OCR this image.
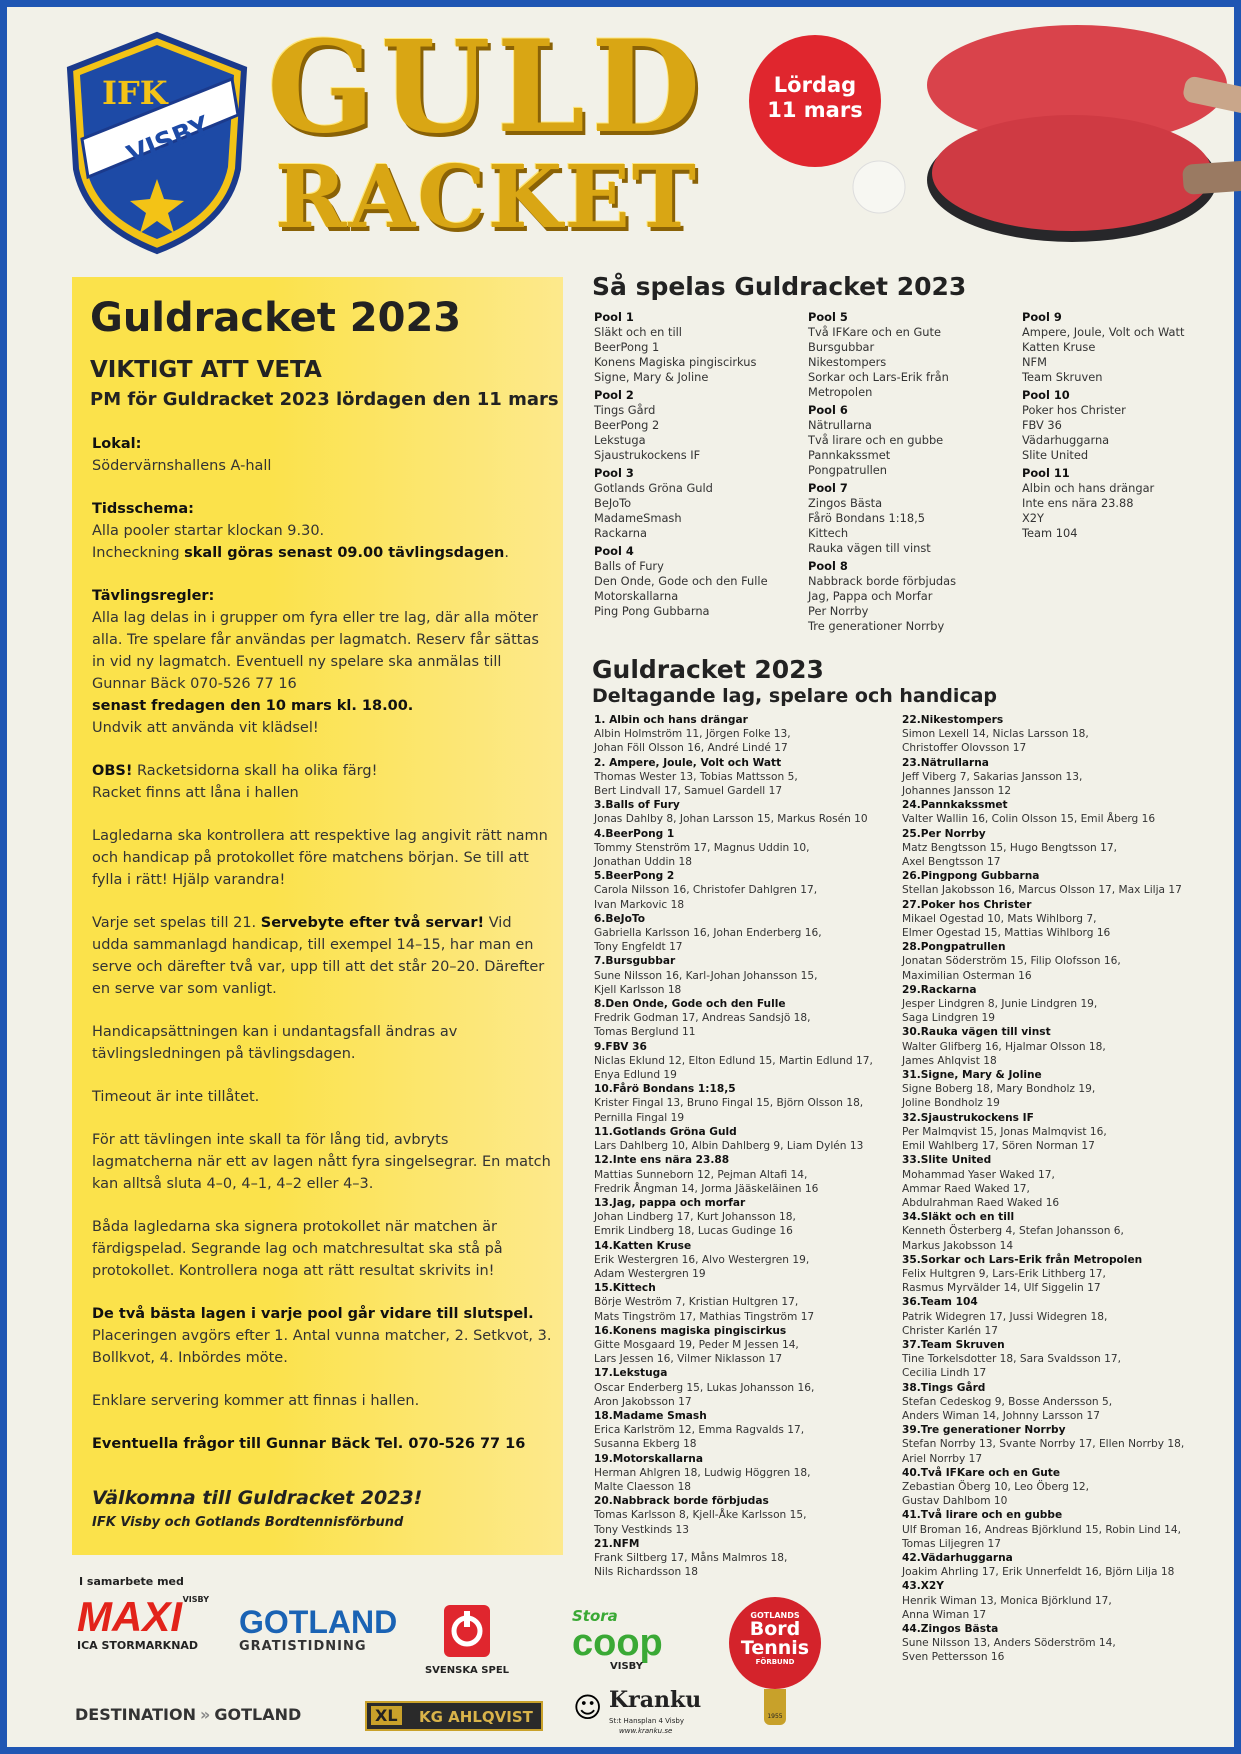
IFK
VISBY GULD
RACKET
Lördag
11 mars
Guldracket 2023
VIKTIGT ATT VETA
PM för Guldracket 2023 lördagen den 11 mars

Lokal:
Södervärnshallens A-hall

Tidsschema:
Alla pooler startar klockan 9.30.
Incheckning skall göras senast 09.00 tävlingsdagen.

Tävlingsregler:
Alla lag delas in i grupper om fyra eller tre lag, där alla möter alla. Tre spelare får användas per lagmatch. Reserv får sättas in vid ny lagmatch. Eventuell ny spelare ska anmälas till Gunnar Bäck 070-526 77 16
senast fredagen den 10 mars kl. 18.00.
Undvik att använda vit klädsel!

OBS! Racketsidorna skall ha olika färg!
Racket finns att låna i hallen

Lagledarna ska kontrollera att respektive lag angivit rätt namn och handicap på protokollet före matchens början. Se till att fylla i rätt! Hjälp varandra!

Varje set spelas till 21. Servebyte efter två servar! Vid udda sammanlagd handicap, till exempel 14–15, har man en serve och därefter två var, upp till att det står 20–20. Därefter en serve var som vanligt.

Handicapsättningen kan i undantagsfall ändras av tävlingsledningen på tävlingsdagen.

Timeout är inte tillåtet.

För att tävlingen inte skall ta för lång tid, avbryts lagmatcherna när ett av lagen nått fyra singelsegrar. En match kan alltså sluta 4–0, 4–1, 4–2 eller 4–3.

Båda lagledarna ska signera protokollet när matchen är färdigspelad. Segrande lag och matchresultat ska stå på protokollet. Kontrollera noga att rätt resultat skrivits in!

De två bästa lagen i varje pool går vidare till slutspel.
Placeringen avgörs efter 1. Antal vunna matcher, 2. Setkvot, 3. Bollkvot, 4. Inbördes möte.

Enklare servering kommer att finnas i hallen.

Eventuella frågor till Gunnar Bäck Tel. 070-526 77 16

Välkomna till Guldracket 2023!
IFK Visby och Gotlands Bordtennisförbund
Så spelas Guldracket 2023
Pool 1
Släkt och en till
BeerPong 1
Konens Magiska pingiscirkus
Signe, Mary & Joline
Pool 2
Tings Gård
BeerPong 2
Lekstuga
Sjaustrukockens IF
Pool 3
Gotlands Gröna Guld
BeJoTo
MadameSmash
Rackarna
Pool 4
Balls of Fury
Den Onde, Gode och den Fulle
Motorskallarna
Ping Pong Gubbarna
Pool 5
Två IFKare och en Gute
Bursgubbar
Nikestompers
Sorkar och Lars-Erik från
Metropolen
Pool 6
Nätrullarna
Två lirare och en gubbe
Pannkakssmet
Pongpatrullen
Pool 7
Zingos Bästa
Fårö Bondans 1:18,5
Kittech
Rauka vägen till vinst
Pool 8
Nabbrack borde förbjudas
Jag, Pappa och Morfar
Per Norrby
Tre generationer Norrby
Pool 9
Ampere, Joule, Volt och Watt
Katten Kruse
NFM
Team Skruven
Pool 10
Poker hos Christer
FBV 36
Vädarhuggarna
Slite United
Pool 11
Albin och hans drängar
Inte ens nära 23.88
X2Y
Team 104
Guldracket 2023
Deltagande lag, spelare och handicap
1. Albin och hans drängar
Albin Holmström 11, Jörgen Folke 13,
Johan Föll Olsson 16, André Lindé 17
2. Ampere, Joule, Volt och Watt
Thomas Wester 13, Tobias Mattsson 5,
Bert Lindvall 17, Samuel Gardell 17
3.Balls of Fury
Jonas Dahlby 8, Johan Larsson 15, Markus Rosén 10
4.BeerPong 1
Tommy Stenström 17, Magnus Uddin 10,
Jonathan Uddin 18
5.BeerPong 2
Carola Nilsson 16, Christofer Dahlgren 17,
Ivan Markovic 18
6.BeJoTo
Gabriella Karlsson 16, Johan Enderberg 16,
Tony Engfeldt 17
7.Bursgubbar
Sune Nilsson 16, Karl-Johan Johansson 15,
Kjell Karlsson 18
8.Den Onde, Gode och den Fulle
Fredrik Godman 17, Andreas Sandsjö 18,
Tomas Berglund 11
9.FBV 36
Niclas Eklund 12, Elton Edlund 15, Martin Edlund 17,
Enya Edlund 19
10.Fårö Bondans 1:18,5
Krister Fingal 13, Bruno Fingal 15, Björn Olsson 18,
Pernilla Fingal 19
11.Gotlands Gröna Guld
Lars Dahlberg 10, Albin Dahlberg 9, Liam Dylén 13
12.Inte ens nära 23.88
Mattias Sunneborn 12, Pejman Altafi 14,
Fredrik Ångman 14, Jorma Jääskeläinen 16
13.Jag, pappa och morfar
Johan Lindberg 17, Kurt Johansson 18,
Emrik Lindberg 18, Lucas Gudinge 16
14.Katten Kruse
Erik Westergren 16, Alvo Westergren 19,
Adam Westergren 19
15.Kittech
Börje Weström 7, Kristian Hultgren 17,
Mats Tingström 17, Mathias Tingström 17
16.Konens magiska pingiscirkus
Gitte Mosgaard 19, Peder M Jessen 14,
Lars Jessen 16, Vilmer Niklasson 17
17.Lekstuga
Oscar Enderberg 15, Lukas Johansson 16,
Aron Jakobsson 17
18.Madame Smash
Erica Karlström 12, Emma Ragvalds 17,
Susanna Ekberg 18
19.Motorskallarna
Herman Ahlgren 18, Ludwig Höggren 18,
Malte Claesson 18
20.Nabbrack borde förbjudas
Tomas Karlsson 8, Kjell-Åke Karlsson 15,
Tony Vestkinds 13
21.NFM
Frank Siltberg 17, Måns Malmros 18,
Nils Richardsson 18
22.Nikestompers
Simon Lexell 14, Niclas Larsson 18,
Christoffer Olovsson 17
23.Nätrullarna
Jeff Viberg 7, Sakarias Jansson 13,
Johannes Jansson 12
24.Pannkakssmet
Valter Wallin 16, Colin Olsson 15, Emil Åberg 16
25.Per Norrby
Matz Bengtsson 15, Hugo Bengtsson 17,
Axel Bengtsson 17
26.Pingpong Gubbarna
Stellan Jakobsson 16, Marcus Olsson 17, Max Lilja 17
27.Poker hos Christer
Mikael Ogestad 10, Mats Wihlborg 7,
Elmer Ogestad 15, Mattias Wihlborg 16
28.Pongpatrullen
Jonatan Söderström 15, Filip Olofsson 16,
Maximilian Osterman 16
29.Rackarna
Jesper Lindgren 8, Junie Lindgren 19,
Saga Lindgren 19
30.Rauka vägen till vinst
Walter Glifberg 16, Hjalmar Olsson 18,
James Ahlqvist 18
31.Signe, Mary & Joline
Signe Boberg 18, Mary Bondholz 19,
Joline Bondholz 19
32.Sjaustrukockens IF
Per Malmqvist 15, Jonas Malmqvist 16,
Emil Wahlberg 17, Sören Norman 17
33.Slite United
Mohammad Yaser Waked 17,
Ammar Raed Waked 17,
Abdulrahman Raed Waked 16
34.Släkt och en till
Kenneth Österberg 4, Stefan Johansson 6,
Markus Jakobsson 14
35.Sorkar och Lars-Erik från Metropolen
Felix Hultgren 9, Lars-Erik Lithberg 17,
Rasmus Myrvälder 14, Ulf Siggelin 17
36.Team 104
Patrik Widegren 17, Jussi Widegren 18,
Christer Karlén 17
37.Team Skruven
Tine Torkelsdotter 18, Sara Svaldsson 17,
Cecilia Lindh 17
38.Tings Gård
Stefan Cedeskog 9, Bosse Andersson 5,
Anders Wiman 14, Johnny Larsson 17
39.Tre generationer Norrby
Stefan Norrby 13, Svante Norrby 17, Ellen Norrby 18,
Ariel Norrby 17
40.Två IFKare och en Gute
Zebastian Öberg 10, Leo Öberg 12,
Gustav Dahlbom 10
41.Två lirare och en gubbe
Ulf Broman 16, Andreas Björklund 15, Robin Lind 14,
Tomas Liljegren 17
42.Vädarhuggarna
Joakim Ahrling 17, Erik Unnerfeldt 16, Björn Lilja 18
43.X2Y
Henrik Wiman 13, Monica Björklund 17,
Anna Wiman 17
44.Zingos Bästa
Sune Nilsson 13, Anders Söderström 14,
Sven Pettersson 16
I samarbete med
VISBY
MAXI
ICA STORMARKNAD
GOTLAND
GRATISTIDNING
SVENSKA SPEL
Stora
coop
VISBY
GOTLANDS
Bord
Tennis
FÖRBUND
1955
DESTINATION » GOTLAND	XL KG AHLQVIST ☺ Kranku
St:t Hansplan 4 Visby
www.kranku.se
